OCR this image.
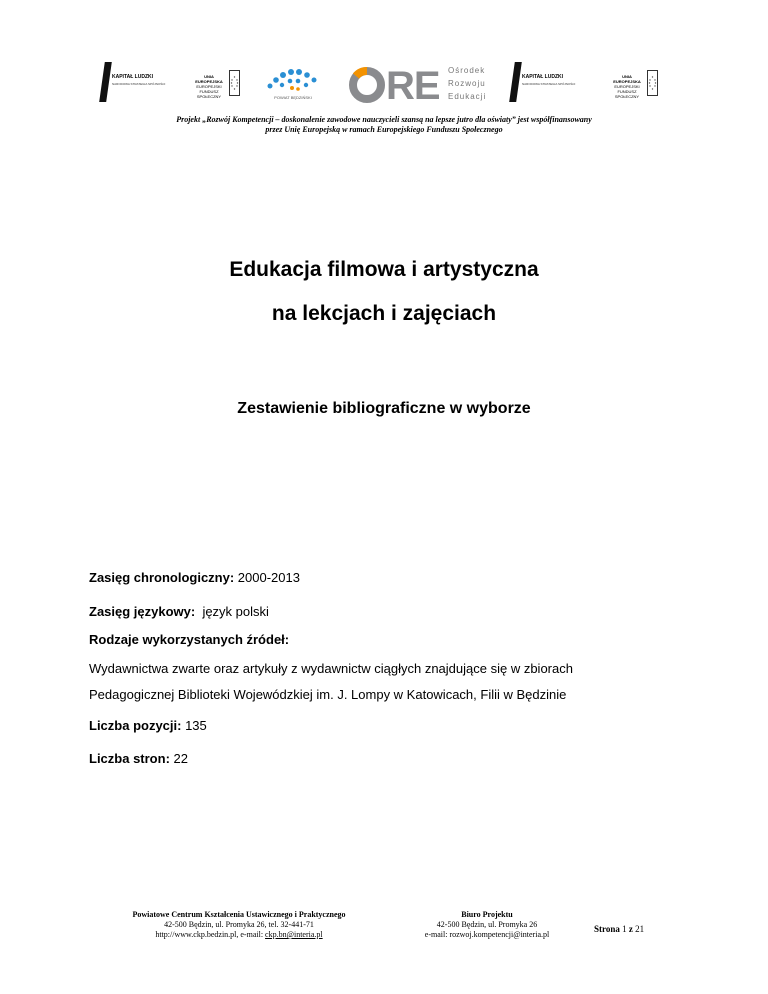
KAPITAŁ LUDZKI
NARODOWA STRATEGIA SPÓJNOŚCI
UNIA EUROPEJSKA
EUROPEJSKI
FUNDUSZ SPOŁECZNY	POWIAT BĘDZIŃSKI	RE Ośrodek
Rozwoju
Edukacji
KAPITAŁ LUDZKI
NARODOWA STRATEGIA SPÓJNOŚCI
UNIA EUROPEJSKA
EUROPEJSKI
FUNDUSZ SPOŁECZNY
Projekt „Rozwój Kompetencji – doskonalenie zawodowe nauczycieli szansą na lepsze jutro dla oświaty” jest współfinansowany
przez Unię Europejską w ramach Europejskiego Funduszu Społecznego
Edukacja filmowa i artystyczna
na lekcjach i zajęciach
Zestawienie bibliograficzne w wyborze
Zasięg chronologiczny: 2000-2013
Zasięg językowy:  język polski
Rodzaje wykorzystanych źródeł:
Wydawnictwa zwarte oraz artykuły z wydawnictw ciągłych znajdujące się w zbiorach
Pedagogicznej Biblioteki Wojewódzkiej im. J. Lompy w Katowicach, Filii w Będzinie
Liczba pozycji: 135
Liczba stron: 22
Powiatowe Centrum Kształcenia Ustawicznego i Praktycznego
42-500 Będzin, ul. Promyka 26, tel. 32-441-71
http://www.ckp.bedzin.pl, e-mail: ckp.bn@interia.pl
Biuro Projektu
42-500 Będzin, ul. Promyka 26
e-mail: rozwoj.kompetencji@interia.pl
Strona 1 z 21
